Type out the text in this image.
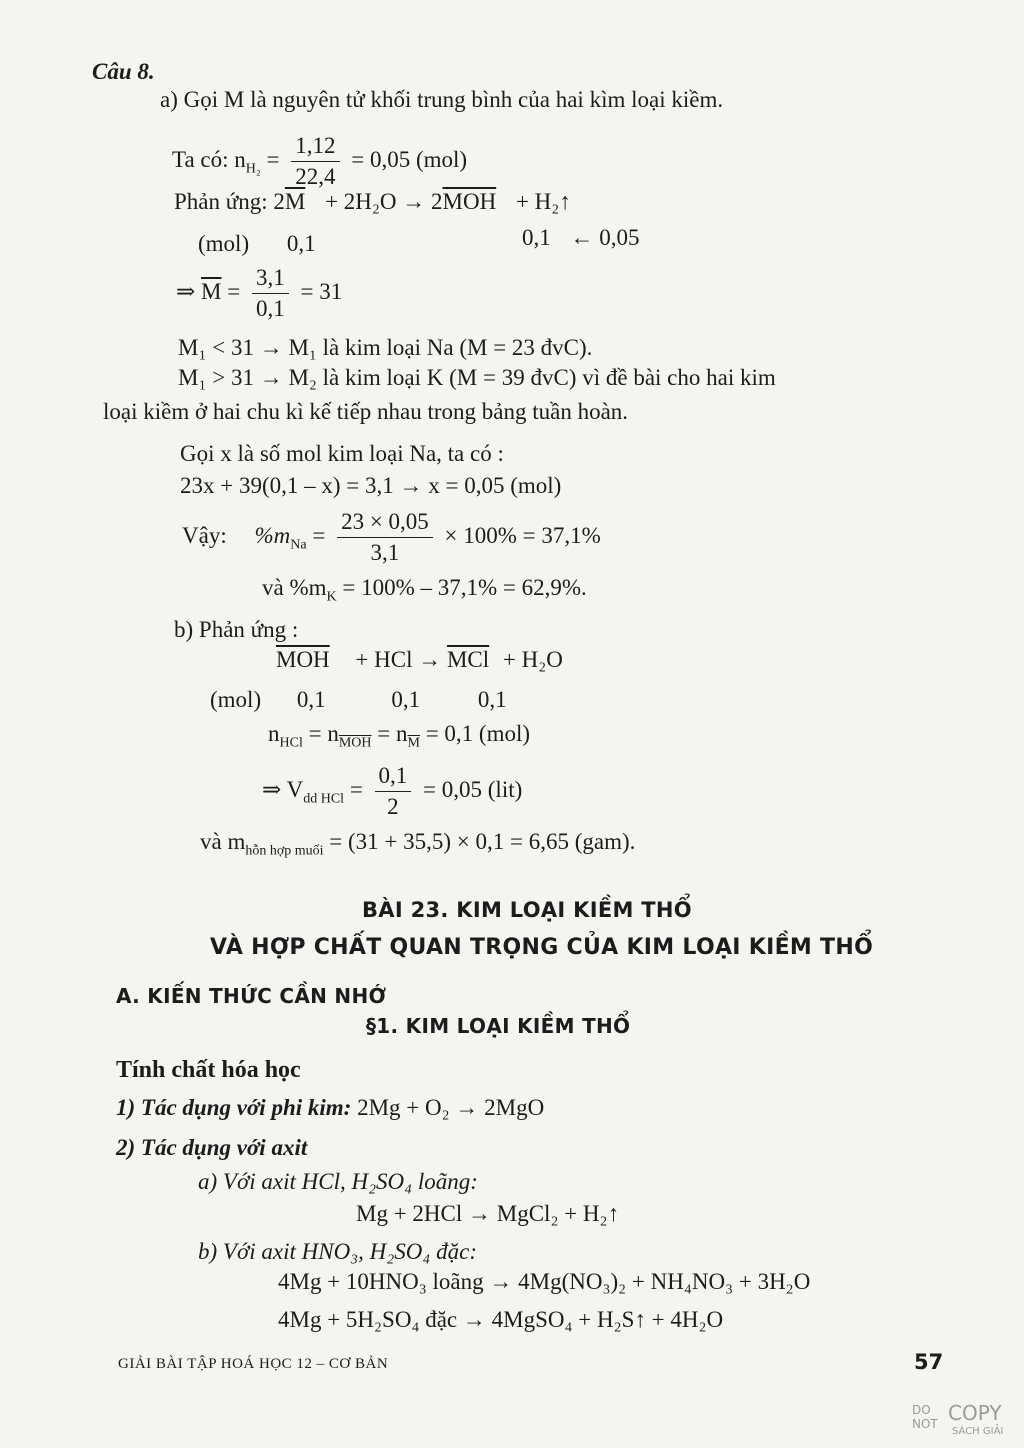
Câu 8.
a) Gọi M là nguyên tử khối trung bình của hai kìm loại kiềm.
Ta có: $n_{H_2} = \frac{1,12}{22,4} = 0,05$ (mol)
Phản ứng: $2\overline{M} + 2H_2O \to 2\overline{MOH}$ + H₂↑
(mol) 0,1	0,1 ← 0,05
⇒ $\overline{M} = \frac{3,1}{0,1} = 31$
M₁ < 31 → M₁ là kim loại Na (M = 23 đvC).
M₁ > 31 → M₂ là kim loại K (M = 39 đvC) vì đề bài cho hai kim
loại kiềm ở hai chu kì kế tiếp nhau trong bảng tuần hoàn.
Gọi x là số mol kim loại Na, ta có :
23x + 39(0,1 – x) = 3,1 → x = 0,05 (mol)
Vậy: $\%m_{Na} = \frac{23 \times 0,05}{3,1} \times 100\% = 37,1\%$
và $\%m_K = 100\% - 37,1\% = 62,9\%$.
b) Phản ứng :
$\overline{MOH}$ + HCl → $\overline{MCl} + H_2O$
(mol) 0,1	0,1	0,1
$n_{HCl} = n_{\overline{MOH}} = n_{\overline{M}} = 0,1$ (mol)
⇒ $V_{dd HCl} = \frac{0,1}{2} = 0,05$ (lit)
và $m_{hỗn hợp muối} = (31 + 35,5) \times 0,1 = 6,65$ (gam).
BÀI 23. KIM LOẠI KIỀM THỔ
VÀ HỢP CHẤT QUAN TRỌNG CỦA KIM LOẠI KIỀM THỔ
A. KIẾN THỨC CẦN NHỚ
§1. KIM LOẠI KIỀM THỔ
Tính chất hóa học
1) Tác dụng với phi kim: 2Mg + O₂ → 2MgO
2) Tác dụng với axit
a) Với axit HCl, H₂SO₄ loãng:
Mg + 2HCl → MgCl₂ + H₂↑
b) Với axit HNO₃, H₂SO₄ đặc:
4Mg + 10HNO₃ loãng → 4Mg(NO₃)₂ + NH₄NO₃ + 3H₂O
4Mg + 5H₂SO₄ đặc → 4MgSO₄ + H₂S↑ + 4H₂O
GIẢI BÀI TẬP HOÁ HỌC 12 – CƠ BẢN	57
DO
NOT COPY
SÁCH GIẢI
